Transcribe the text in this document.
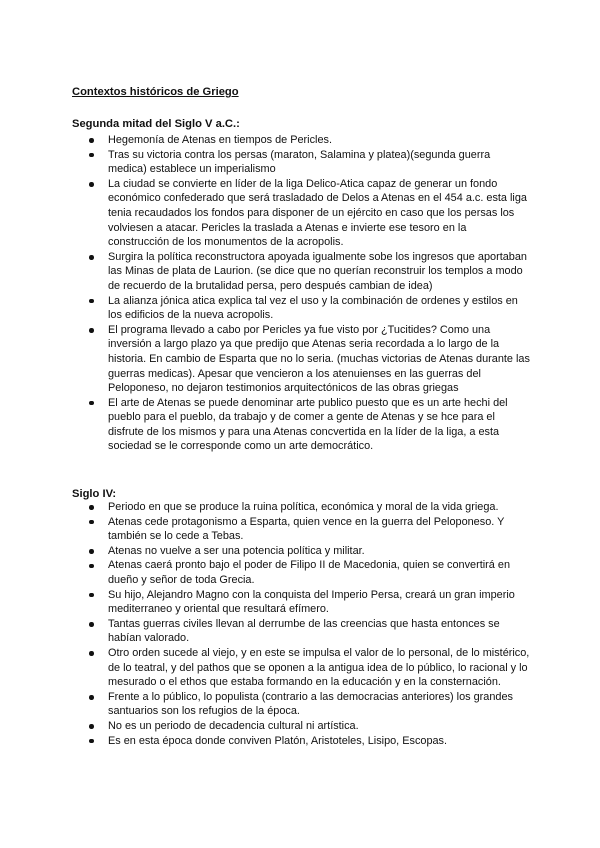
Contextos históricos de Griego
Segunda mitad del Siglo V a.C.:
Hegemonía de Atenas en tiempos de Pericles.
Tras su victoria contra los persas (maraton, Salamina y platea)(segunda guerra medica) establece un imperialismo
La ciudad se convierte en líder de la liga Delico-Atica capaz de generar un fondo económico confederado que será trasladado de Delos a Atenas en el 454 a.c. esta liga tenia recaudados los fondos para disponer de un ejército en caso que los persas los volviesen a atacar. Pericles la traslada a Atenas e invierte ese tesoro en la construcción de los monumentos de la acropolis.
Surgira la política reconstructora apoyada igualmente sobe los ingresos que aportaban las Minas de plata de Laurion. (se dice que no querían reconstruir los templos a modo de recuerdo de la brutalidad persa, pero después cambian de idea)
La alianza jónica atica explica tal vez el uso y la combinación de ordenes y estilos en los edificios de la nueva acropolis.
El programa llevado a cabo por Pericles ya fue visto por ¿Tucitides? Como una inversión a largo plazo ya que predijo que Atenas seria recordada a lo largo de la historia. En cambio de Esparta que no lo seria. (muchas victorias de Atenas durante las guerras medicas). Apesar que vencieron a los atenuienses en las guerras del Peloponeso, no dejaron testimonios arquitectónicos de las obras griegas
El arte de Atenas se puede denominar arte publico puesto que es un arte hechi del pueblo para el pueblo, da trabajo y de comer a gente de Atenas y se hce para el disfrute de los mismos y para una Atenas concvertida en la líder de la liga, a esta sociedad se le corresponde como un arte democrático.
Siglo IV:
Periodo en que se produce la ruina política, económica y moral de la vida griega.
Atenas cede protagonismo a Esparta, quien vence en la guerra del Peloponeso. Y también se lo cede a Tebas.
Atenas no vuelve a ser una potencia política y militar.
Atenas caerá pronto bajo el poder de Filipo II de Macedonia, quien se convertirá en dueño y señor de toda Grecia.
Su hijo, Alejandro Magno con la conquista del Imperio Persa, creará un gran imperio mediterraneo y oriental que resultará efímero.
Tantas guerras civiles llevan al derrumbe de las creencias que hasta entonces se habían valorado.
Otro orden sucede al viejo, y en este se impulsa el valor de lo personal, de lo mistérico, de lo teatral, y del pathos que se oponen a la antigua idea de lo público, lo racional y lo mesurado o el ethos que estaba formando en la educación y en la consternación.
Frente a lo público, lo populista (contrario a las democracias anteriores) los grandes santuarios son los refugios de la época.
No es un periodo de decadencia cultural ni artística.
Es en esta época donde conviven Platón, Aristoteles, Lisipo, Escopas.
